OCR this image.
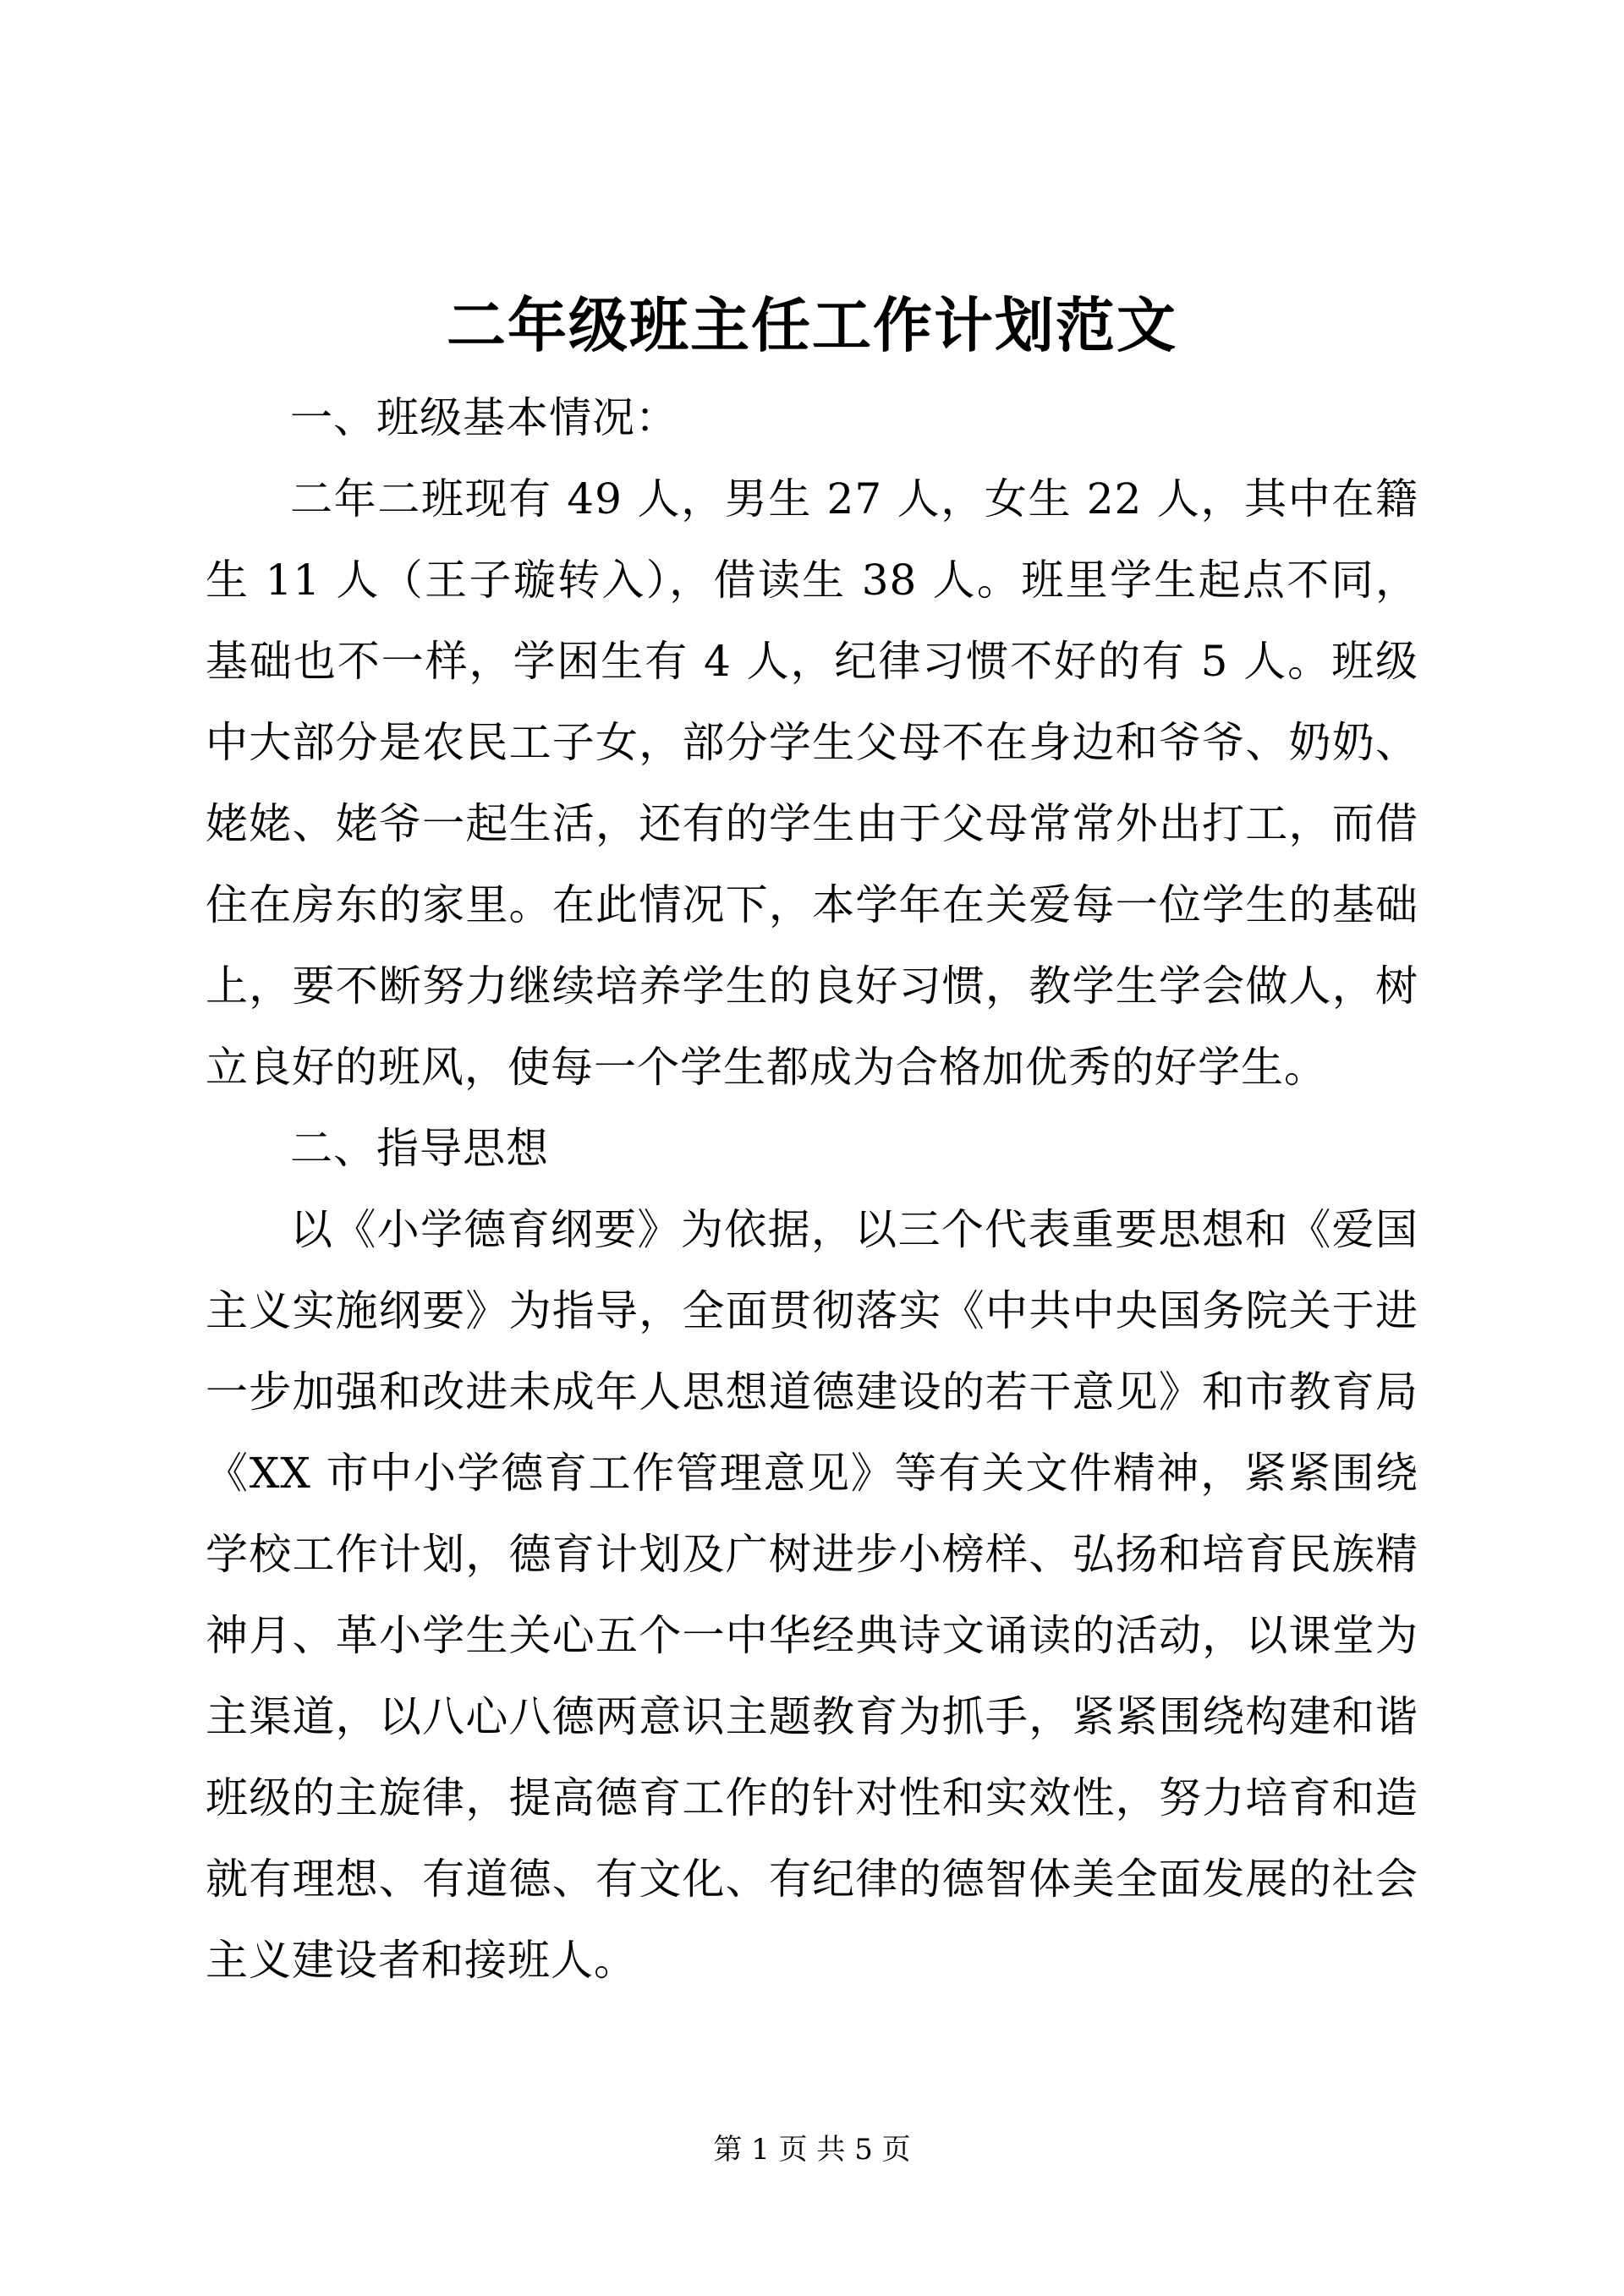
二年级班主任工作计划范文

一、班级基本情况：

二年二班现有 49 人，男生 27 人，女生 22 人，其中在籍生 11 人（王子璇转入），借读生 38 人。班里学生起点不同，基础也不一样，学困生有 4 人，纪律习惯不好的有 5 人。班级中大部分是农民工子女，部分学生父母不在身边和爷爷、奶奶、姥姥、姥爷一起生活，还有的学生由于父母常常外出打工，而借住在房东的家里。在此情况下，本学年在关爱每一位学生的基础上，要不断努力继续培养学生的良好习惯，教学生学会做人，树立良好的班风，使每一个学生都成为合格加优秀的好学生。

二、指导思想

以《小学德育纲要》为依据，以三个代表重要思想和《爱国主义实施纲要》为指导，全面贯彻落实《中共中央国务院关于进一步加强和改进未成年人思想道德建设的若干意见》和市教育局《XX 市中小学德育工作管理意见》等有关文件精神，紧紧围绕学校工作计划，德育计划及广树进步小榜样、弘扬和培育民族精神月、革小学生关心五个一中华经典诗文诵读的活动，以课堂为主渠道，以八心八德两意识主题教育为抓手，紧紧围绕构建和谐班级的主旋律，提高德育工作的针对性和实效性，努力培育和造就有理想、有道德、有文化、有纪律的德智体美全面发展的社会主义建设者和接班人。

第 1 页 共 5 页
